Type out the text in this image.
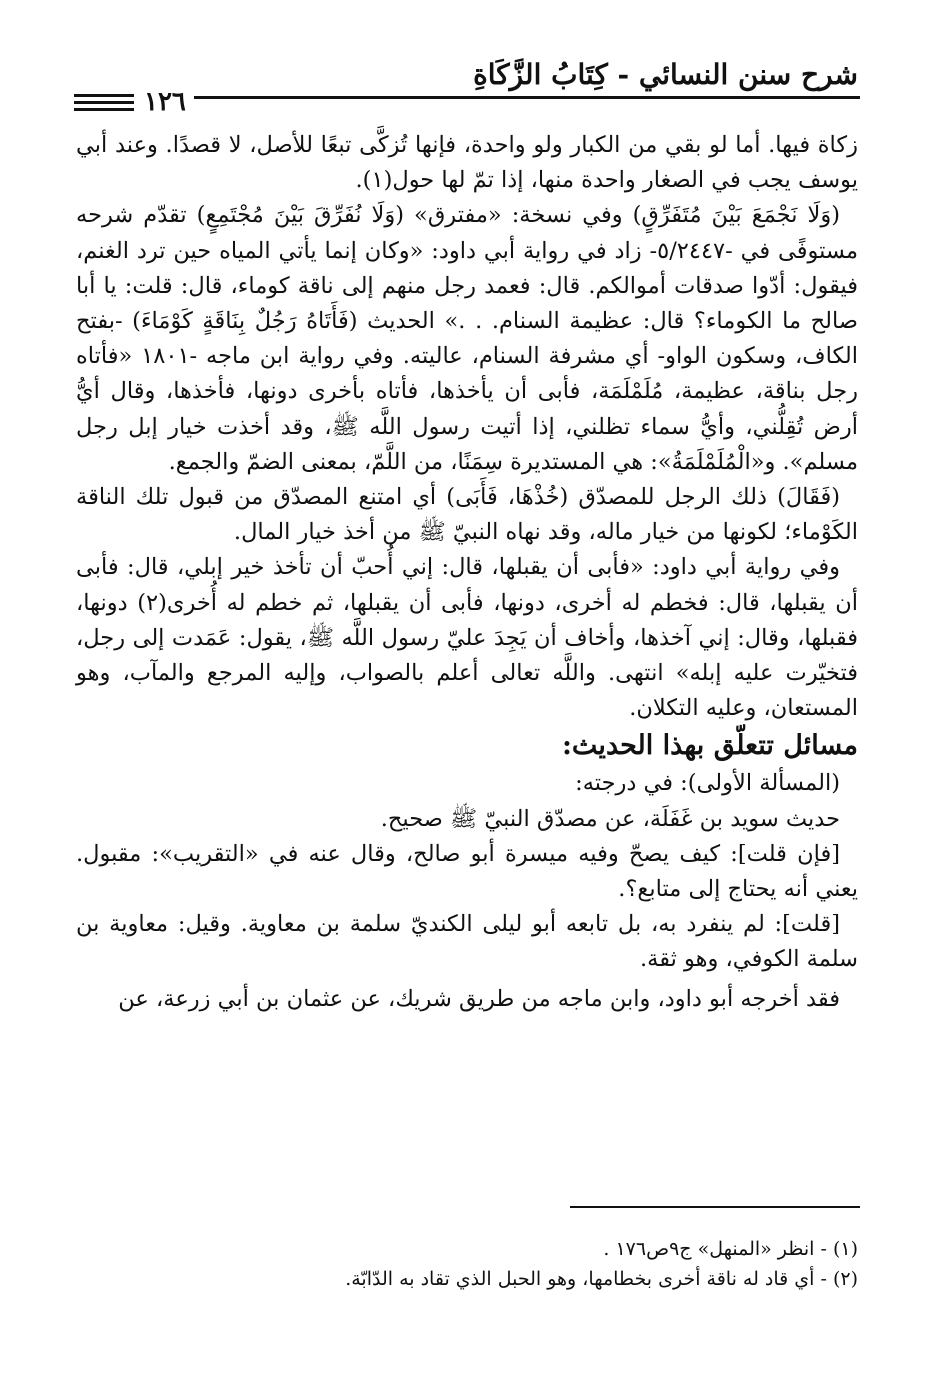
شرح سنن النسائي - كِتَابُ الزَّكَاةِ
١٢٦

زكاة فيها. أما لو بقي من الكبار ولو واحدة، فإنها تُزكَّى تبعًا للأصل، لا قصدًا. وعند أبي يوسف يجب في الصغار واحدة منها، إذا تمّ لها حول(١).

(وَلَا نَجْمَعَ بَيْنَ مُتَفَرِّقٍ) وفي نسخة: «مفترق» (وَلَا نُفَرِّقَ بَيْنَ مُجْتَمِعٍ) تقدّم شرحه مستوفًى في -٥/٢٤٤٧- زاد في رواية أبي داود: «وكان إنما يأتي المياه حين ترد الغنم، فيقول: أدّوا صدقات أموالكم. قال: فعمد رجل منهم إلى ناقة كوماء، قال: قلت: يا أبا صالح ما الكوماء؟ قال: عظيمة السنام. . .» الحديث (فَأَتَاهُ رَجُلٌ بِنَاقَةٍ كَوْمَاءَ) -بفتح الكاف، وسكون الواو- أي مشرفة السنام، عاليته. وفي رواية ابن ماجه -١٨٠١ «فأتاه رجل بناقة، عظيمة، مُلَمْلَمَة، فأبى أن يأخذها، فأتاه بأخرى دونها، فأخذها، وقال أيُّ أرض تُقِلُّني، وأيُّ سماء تظلني، إذا أتيت رسول اللَّه ﷺ، وقد أخذت خيار إبل رجل مسلم». و«الْمُلَمْلَمَةُ»: هي المستديرة سِمَنًا، من اللَّمّ، بمعنى الضمّ والجمع.

(فَقَالَ) ذلك الرجل للمصدّق (خُذْهَا، فَأَبَى) أي امتنع المصدّق من قبول تلك الناقة الكَوْماء؛ لكونها من خيار ماله، وقد نهاه النبيّ ﷺ من أخذ خيار المال.

وفي رواية أبي داود: «فأبى أن يقبلها، قال: إني أُحبّ أن تأخذ خير إبلي، قال: فأبى أن يقبلها، قال: فخطم له أخرى، دونها، فأبى أن يقبلها، ثم خطم له أُخرى(٢) دونها، فقبلها، وقال: إني آخذها، وأخاف أن يَجِدَ عليّ رسول اللَّه ﷺ، يقول: عَمَدت إلى رجل، فتخيّرت عليه إبله» انتهى. واللَّه تعالى أعلم بالصواب، وإليه المرجع والمآب، وهو المستعان، وعليه التكلان.

مسائل تتعلّق بهذا الحديث:

(المسألة الأولى): في درجته:

حديث سويد بن غَفَلَة، عن مصدّق النبيّ ﷺ صحيح.

[فإن قلت]: كيف يصحّ وفيه ميسرة أبو صالح، وقال عنه في «التقريب»: مقبول. يعني أنه يحتاج إلى متابع؟.

[قلت]: لم ينفرد به، بل تابعه أبو ليلى الكنديّ سلمة بن معاوية. وقيل: معاوية بن سلمة الكوفي، وهو ثقة.

فقد أخرجه أبو داود، وابن ماجه من طريق شريك، عن عثمان بن أبي زرعة، عن

(١) - انظر «المنهل» ج٩ص١٧٦ .

(٢) - أي قاد له ناقة أخرى بخطامها، وهو الحبل الذي تقاد به الدّابّة.
